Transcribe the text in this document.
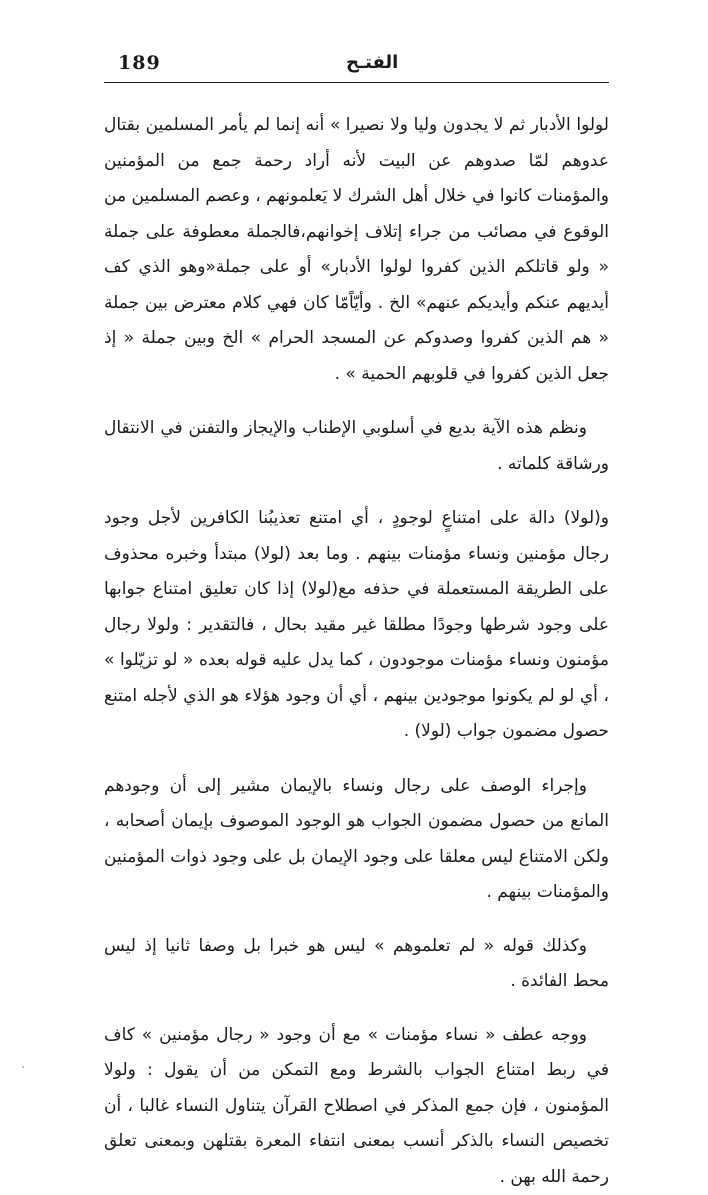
189	الفتـح

لولوا الأدبار ثم لا يجدون وليا ولا نصيرا » أنه إنما لم يأمر المسلمين بقتال عدوهم لمّا صدوهم عن البيت لأنه أراد رحمة جمع من المؤمنين والمؤمنات كانوا في خلال أهل الشرك لا يَعلمونهم ، وعصم المسلمين من الوقوع في مصائب من جراء إتلاف إخوانهم،فالجملة معطوفة على جملة « ولو قاتلكم الذين كفروا لولوا الأدبار» أو على جملة«وهو الذي كف أيديهم عنكم وأيديكم عنهم» الخ . وأيّاًمّا كان فهي كلام معترض بين جملة « هم الذين كفروا وصدوكم عن المسجد الحرام » الخ وبين جملة « إذ جعل الذين كفروا في قلوبهم الحمية » .

ونظم هذه الآية بديع في أسلوبي الإطناب والإيجاز والتفنن في الانتقال ورشاقة كلماته .

و(لولا) دالة على امتناعٍ لوجودٍ ، أي امتنع تعذيبُنا الكافرين لأجل وجود رجال مؤمنين ونساء مؤمنات بينهم . وما بعد (لولا) مبتدأ وخبره محذوف على الطريقة المستعملة في حذفه مع(لولا) إذا كان تعليق امتناع جوابها على وجود شرطها وجودًا مطلقا غير مقيد بحال ، فالتقدير : ولولا رجال مؤمنون ونساء مؤمنات موجودون ، كما يدل عليه قوله بعده « لو تزيّلوا » ، أي لو لم يكونوا موجودين بينهم ، أي أن وجود هؤلاء هو الذي لأجله امتنع حصول مضمون جواب (لولا) .

وإجراء الوصف على رجال ونساء بالإيمان مشير إلى أن وجودهم المانع من حصول مضمون الجواب هو الوجود الموصوف بإيمان أصحابه ، ولكن الامتناع ليس معلقا على وجود الإيمان بل على وجود ذوات المؤمنين والمؤمنات بينهم .

وكذلك قوله « لم تعلموهم » ليس هو خبرا بل وصفا ثانيا إذ ليس محط الفائدة .

ووجه عطف « نساء مؤمنات » مع أن وجود « رجال مؤمنين » كاف في ربط امتناع الجواب بالشرط ومع التمكن من أن يقول : ولولا المؤمنون ، فإن جمع المذكر في اصطلاح القرآن يتناول النساء غالبا ، أن تخصيص النساء بالذكر أنسب بمعنى انتفاء المعرة بقتلهن وبمعنى تعلق رحمة الله بهن .
